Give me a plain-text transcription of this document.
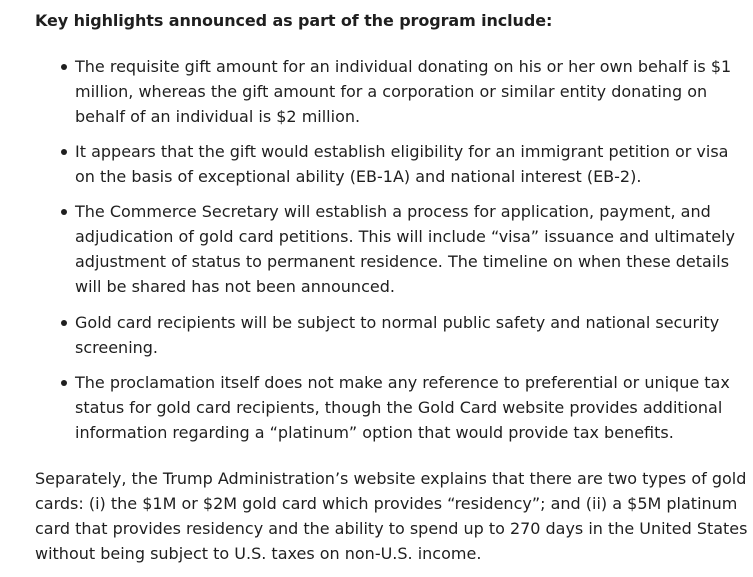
Key highlights announced as part of the program include:
The requisite gift amount for an individual donating on his or her own behalf is $1
million, whereas the gift amount for a corporation or similar entity donating on
behalf of an individual is $2 million.
It appears that the gift would establish eligibility for an immigrant petition or visa
on the basis of exceptional ability (EB-1A) and national interest (EB-2).
The Commerce Secretary will establish a process for application, payment, and
adjudication of gold card petitions. This will include “visa” issuance and ultimately
adjustment of status to permanent residence. The timeline on when these details
will be shared has not been announced.
Gold card recipients will be subject to normal public safety and national security
screening.
The proclamation itself does not make any reference to preferential or unique tax
status for gold card recipients, though the Gold Card website provides additional
information regarding a “platinum” option that would provide tax benefits.

Separately, the Trump Administration’s website explains that there are two types of gold
cards: (i) the $1M or $2M gold card which provides “residency”; and (ii) a $5M platinum
card that provides residency and the ability to spend up to 270 days in the United States
without being subject to U.S. taxes on non-U.S. income.
